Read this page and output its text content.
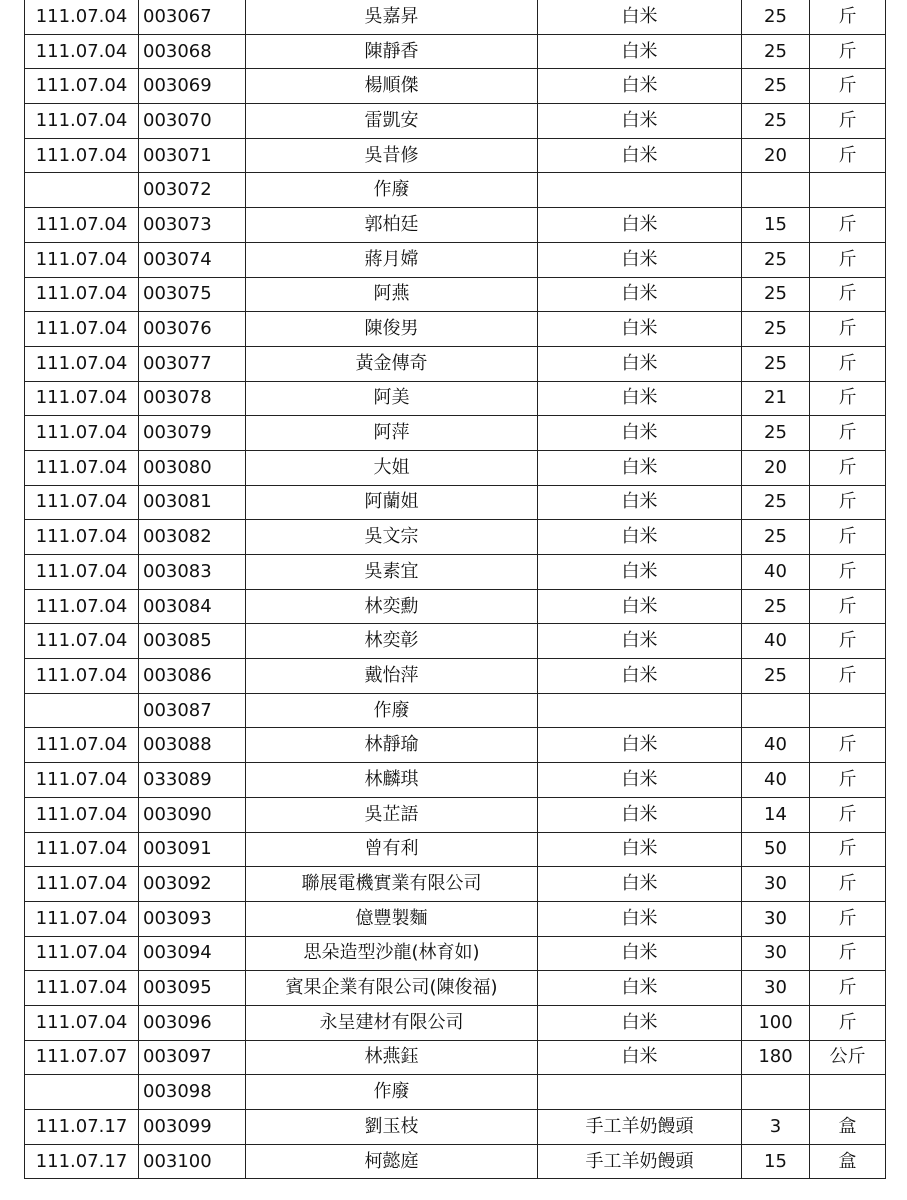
111.07.04	003067	吳嘉昇	白米	25	斤
111.07.04	003068	陳靜香	白米	25	斤
111.07.04	003069	楊順傑	白米	25	斤
111.07.04	003070	雷凱安	白米	25	斤
111.07.04	003071	吳昔修	白米	20	斤
	003072	作廢			
111.07.04	003073	郭柏廷	白米	15	斤
111.07.04	003074	蔣月嫦	白米	25	斤
111.07.04	003075	阿燕	白米	25	斤
111.07.04	003076	陳俊男	白米	25	斤
111.07.04	003077	黃金傳奇	白米	25	斤
111.07.04	003078	阿美	白米	21	斤
111.07.04	003079	阿萍	白米	25	斤
111.07.04	003080	大姐	白米	20	斤
111.07.04	003081	阿蘭姐	白米	25	斤
111.07.04	003082	吳文宗	白米	25	斤
111.07.04	003083	吳素宜	白米	40	斤
111.07.04	003084	林奕勳	白米	25	斤
111.07.04	003085	林奕彰	白米	40	斤
111.07.04	003086	戴怡萍	白米	25	斤
	003087	作廢			
111.07.04	003088	林靜瑜	白米	40	斤
111.07.04	033089	林麟琪	白米	40	斤
111.07.04	003090	吳芷語	白米	14	斤
111.07.04	003091	曾有利	白米	50	斤
111.07.04	003092	聯展電機實業有限公司	白米	30	斤
111.07.04	003093	億豐製麵	白米	30	斤
111.07.04	003094	思朵造型沙龍(林育如)	白米	30	斤
111.07.04	003095	賓果企業有限公司(陳俊福)	白米	30	斤
111.07.04	003096	永呈建材有限公司	白米	100	斤
111.07.07	003097	林燕鈺	白米	180	公斤
	003098	作廢			
111.07.17	003099	劉玉枝	手工羊奶饅頭	3	盒
111.07.17	003100	柯懿庭	手工羊奶饅頭	15	盒
